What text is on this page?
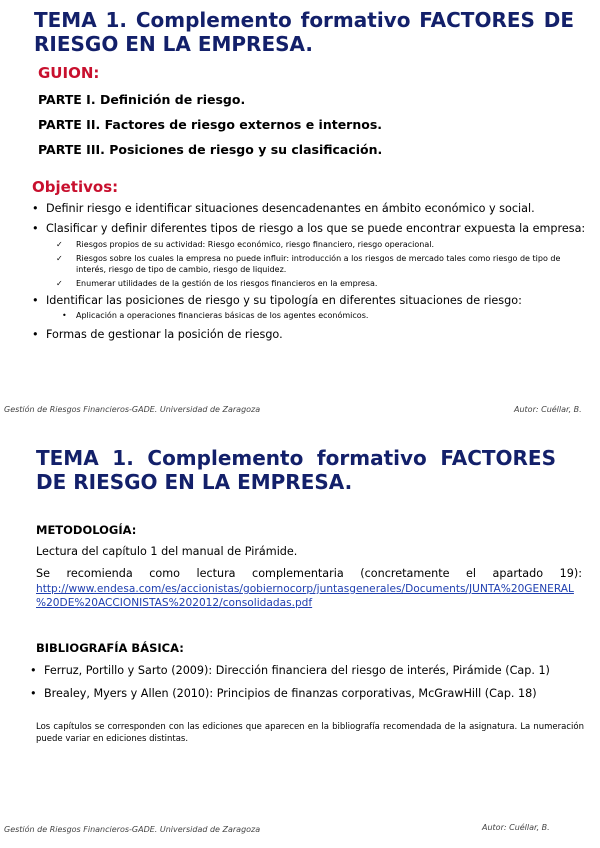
TEMA 1. Complemento formativo FACTORES DE
RIESGO EN LA EMPRESA.
GUION:
PARTE I. Definición de riesgo.
PARTE II. Factores de riesgo externos e internos.
PARTE III. Posiciones de riesgo y su clasificación.
Objetivos:
• Definir riesgo e identificar situaciones desencadenantes en ámbito económico y social.
• Clasificar y definir diferentes tipos de riesgo a los que se puede encontrar expuesta la empresa:
✓	Riesgos propios de su actividad: Riesgo económico, riesgo financiero, riesgo operacional.
✓	Riesgos sobre los cuales la empresa no puede influir: introducción a los riesgos de mercado tales como riesgo de tipo de interés, riesgo de tipo de cambio, riesgo de liquidez.
✓	Enumerar utilidades de la gestión de los riesgos financieros en la empresa.
• Identificar las posiciones de riesgo y su tipología en diferentes situaciones de riesgo:
• Aplicación a operaciones financieras básicas de los agentes económicos.
• Formas de gestionar la posición de riesgo.
Gestión de Riesgos Financieros-GADE. Universidad de Zaragoza	Autor: Cuéllar, B.
TEMA 1. Complemento formativo FACTORES
DE RIESGO EN LA EMPRESA.
METODOLOGÍA:
Lectura del capítulo 1 del manual de Pirámide.
Se recomienda como lectura complementaria (concretamente el apartado 19):
http://www.endesa.com/es/accionistas/gobiernocorp/juntasgenerales/Documents/JUNTA%20GENERAL
%20DE%20ACCIONISTAS%202012/consolidadas.pdf
BIBLIOGRAFÍA BÁSICA:
• Ferruz, Portillo y Sarto (2009): Dirección financiera del riesgo de interés, Pirámide (Cap. 1)
• Brealey, Myers y Allen (2010): Principios de finanzas corporativas, McGrawHill (Cap. 18)
Los capítulos se corresponden con las ediciones que aparecen en la bibliografía recomendada de la asignatura. La numeración puede variar en ediciones distintas.
Gestión de Riesgos Financieros-GADE. Universidad de Zaragoza	Autor: Cuéllar, B.
